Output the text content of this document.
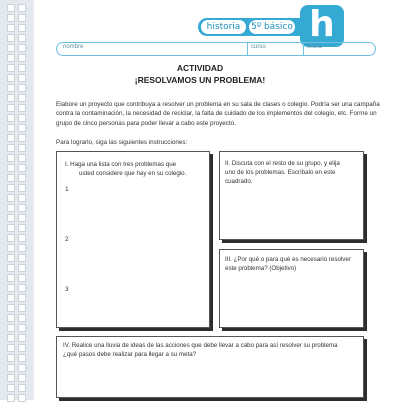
historia	5º básico h
nombre	curso	fecha
ACTIVIDAD
¡RESOLVAMOS UN PROBLEMA!
Elabore un proyecto que contribuya a resolver un problema en su sala de clases o colegio. Podría ser una campaña contra la contaminación, la necesidad de reciclar, la falta de cuidado de los implementos del colegio, etc. Forme un grupo de cinco personas para poder llevar a cabo este proyecto.
Para lograrlo, siga las siguientes instrucciones:
I. Haga una lista con tres problemas que
usted considere que hay en su colegio.
1
2
3
II. Discuta con el resto de su grupo, y elija
uno de los problemas. Escríbalo en este
cuadrado.
III. ¿Por qué o para qué es necesario resolver
este problema? (Objetivo)
IV. Realice una lluvia de ideas de las acciones que debe llevar a cabo para así resolver su problema
¿qué pasos debe realizar para llegar a su meta?
